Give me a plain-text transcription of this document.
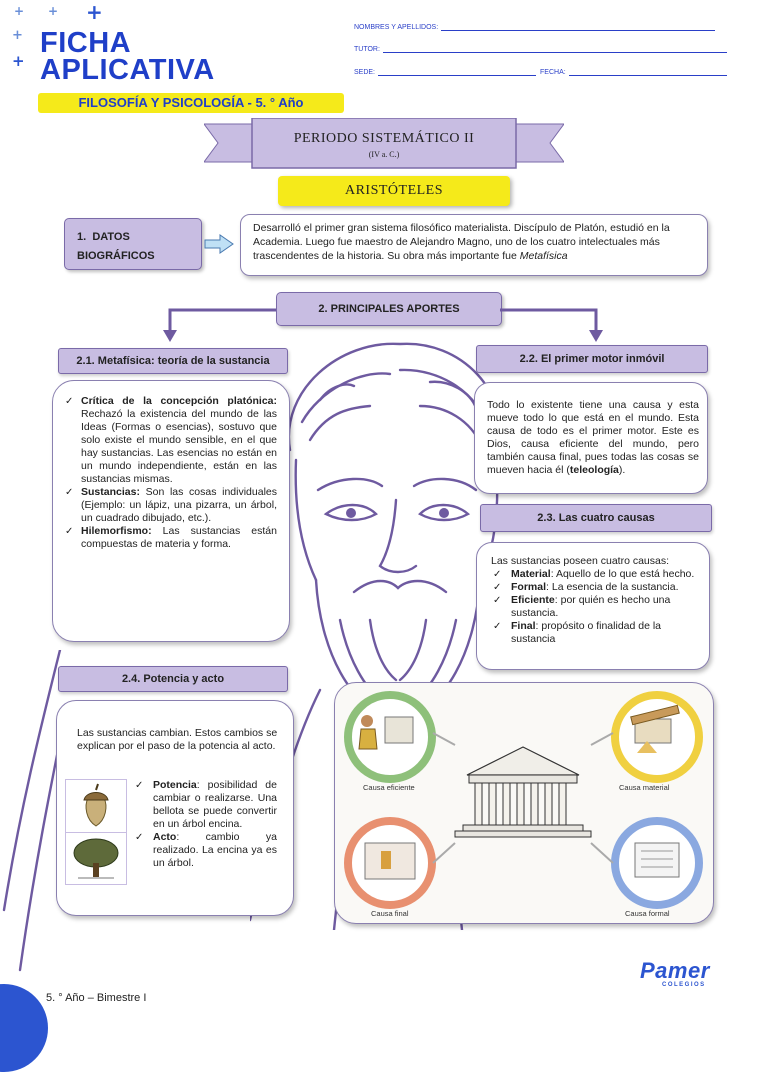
+ + +
+
+
FICHA
APLICATIVA
FILOSOFÍA Y PSICOLOGÍA - 5. ° Año
NOMBRES Y APELLIDOS:
TUTOR:
SEDE:	FECHA:
PERIODO SISTEMÁTICO II
(IV a. C.)
ARISTÓTELES
1. DATOS
BIOGRÁFICOS
Desarrolló el primer gran sistema filosófico materialista. Discípulo de Platón, estudió en la Academia. Luego fue maestro de Alejandro Magno, uno de los cuatro intelectuales más trascendentes de la historia. Su obra más importante fue Metafísica
2. PRINCIPALES APORTES
2.1. Metafísica: teoría de la sustancia
✓ Crítica de la concepción platónica: Rechazó la existencia del mundo de las Ideas (Formas o esencias), sostuvo que solo existe el mundo sensible, en el que hay sustancias. Las esencias no están en un mundo independiente, están en las sustancias mismas.
✓ Sustancias: Son las cosas individuales (Ejemplo: un lápiz, una pizarra, un árbol, un cuadrado dibujado, etc.).
✓ Hilemorfismo: Las sustancias están compuestas de materia y forma.
2.2. El primer motor inmóvil
Todo lo existente tiene una causa y esta mueve todo lo que está en el mundo. Esta causa de todo es el primer motor. Este es Dios, causa eficiente del mundo, pero también causa final, pues todas las cosas se mueven hacia él (teleología).
2.3. Las cuatro causas
Las sustancias poseen cuatro causas:
✓ Material: Aquello de lo que está hecho.
✓ Formal: La esencia de la sustancia.
✓ Eficiente: por quién es hecho una sustancia.
✓ Final: propósito o finalidad de la sustancia
2.4. Potencia y acto
Las sustancias cambian. Estos cambios se explican por el paso de la potencia al acto.
✓ Potencia: posibilidad de cambiar o realizarse. Una bellota se puede convertir en un árbol encina.
✓ Acto: cambio ya realizado. La encina ya es un árbol.
Causa eficiente	Causa material
Causa final	Causa formal
5. ° Año – Bimestre I
Pamer
COLEGIOS
